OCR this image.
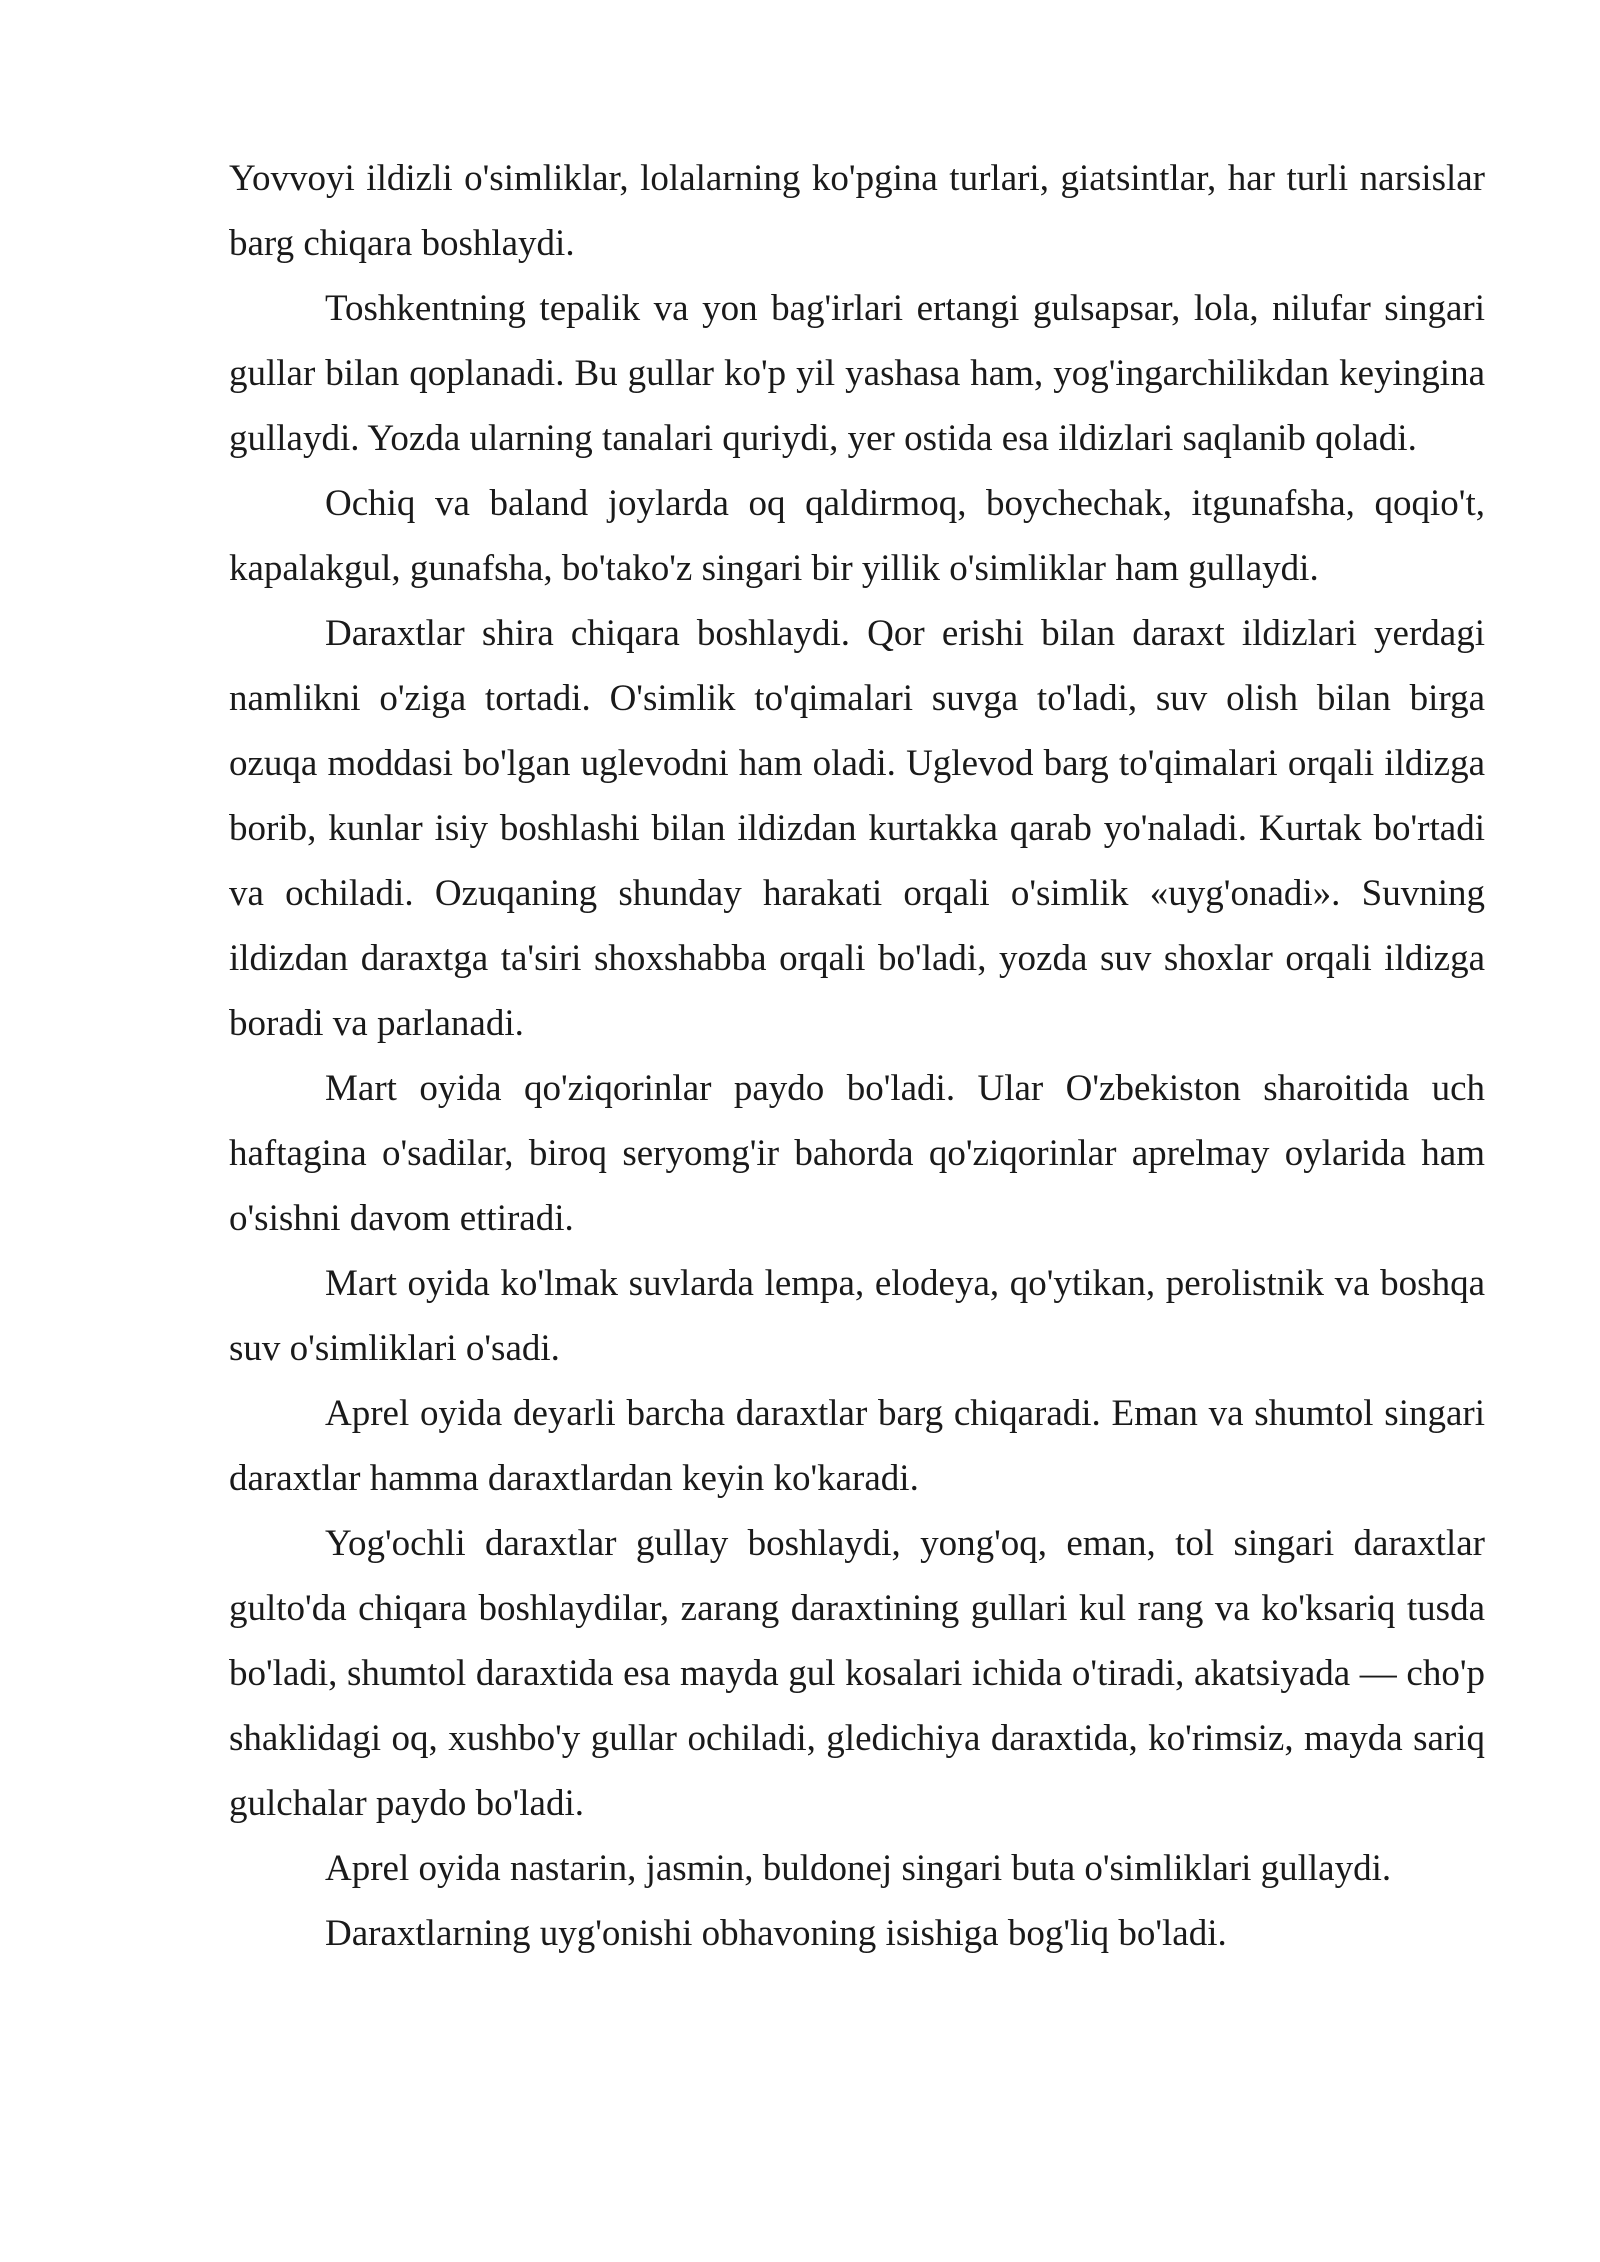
Yovvoyi ildizli o'simliklar, lolalarning ko'pgina turlari, giatsintlar, har turli narsislar barg chiqara boshlaydi.

Toshkentning tepalik va yon bag'irlari ertangi gulsapsar, lola, nilufar singari gullar bilan qoplanadi. Bu gullar ko'p yil yashasa ham, yog'ingarchilikdan keyingina gullaydi. Yozda ularning tanalari quriydi, yer ostida esa ildizlari saqlanib qoladi.

Ochiq va baland joylarda oq qaldirmoq, boychechak, itgunafsha, qoqio't, kapalakgul, gunafsha, bo'tako'z singari bir yillik o'simliklar ham gullaydi.

Daraxtlar shira chiqara boshlaydi. Qor erishi bilan daraxt ildizlari yerdagi namlikni o'ziga tortadi. O'simlik to'qimalari suvga to'ladi, suv olish bilan birga ozuqa moddasi bo'lgan uglevodni ham oladi. Uglevod barg to'qimalari orqali ildizga borib, kunlar isiy boshlashi bilan ildizdan kurtakka qarab yo'naladi. Kurtak bo'rtadi va ochiladi. Ozuqaning shunday harakati orqali o'simlik «uyg'onadi». Suvning ildizdan daraxtga ta'siri shoxshabba orqali bo'ladi, yozda suv shoxlar orqali ildizga boradi va parlanadi.

Mart oyida qo'ziqorinlar paydo bo'ladi. Ular O'zbekiston sharoitida uch haftagina o'sadilar, biroq seryomg'ir bahorda qo'ziqorinlar aprelmay oylarida ham o'sishni davom ettiradi.

Mart oyida ko'lmak suvlarda lempa, elodeya, qo'ytikan, perolistnik va boshqa suv o'simliklari o'sadi.

Aprel oyida deyarli barcha daraxtlar barg chiqaradi. Eman va shumtol singari daraxtlar hamma daraxtlardan keyin ko'karadi.

Yog'ochli daraxtlar gullay boshlaydi, yong'oq, eman, tol singari daraxtlar gulto'da chiqara boshlaydilar, zarang daraxtining gullari kul rang va ko'ksariq tusda bo'ladi, shumtol daraxtida esa mayda gul kosalari ichida o'tiradi, akatsiyada — cho'p shaklidagi oq, xushbo'y gullar ochiladi, gledichiya daraxtida, ko'rimsiz, mayda sariq gulchalar paydo bo'ladi.

Aprel oyida nastarin, jasmin, buldonej singari buta o'simliklari gullaydi.

Daraxtlarning uyg'onishi obhavoning isishiga bog'liq bo'ladi.
